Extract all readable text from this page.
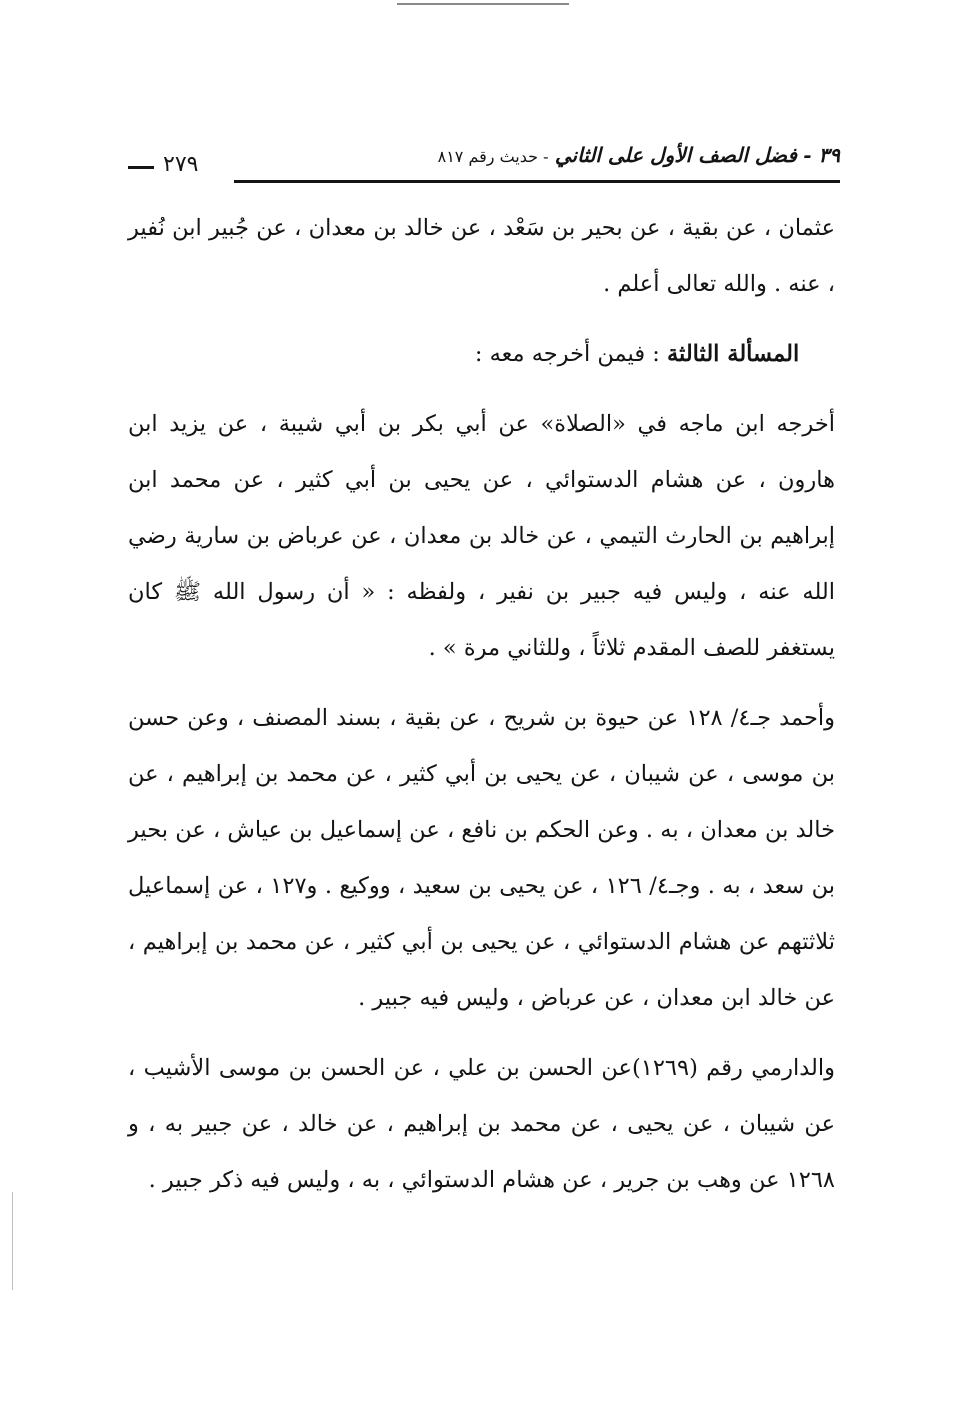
٢٧٩	٣٩ - فضل الصف الأول على الثاني - حديث رقم ٨١٧

عثمان ، عن بقية ، عن بحير بن سَعْد ، عن خالد بن معدان ، عن جُبير ابن نُفير ، عنه . والله تعالى أعلم .

المسألة الثالثة : فيمن أخرجه معه :

أخرجه ابن ماجه في «الصلاة» عن أبي بكر بن أبي شيبة ، عن يزيد ابن هارون ، عن هشام الدستوائي ، عن يحيى بن أبي كثير ، عن محمد ابن إبراهيم بن الحارث التيمي ، عن خالد بن معدان ، عن عرباض بن سارية رضي الله عنه ، وليس فيه جبير بن نفير ، ولفظه : « أن رسول الله ﷺ كان يستغفر للصف المقدم ثلاثاً ، وللثاني مرة » .

وأحمد جـ٤/ ١٢٨ عن حيوة بن شريح ، عن بقية ، بسند المصنف ، وعن حسن بن موسى ، عن شيبان ، عن يحيى بن أبي كثير ، عن محمد بن إبراهيم ، عن خالد بن معدان ، به . وعن الحكم بن نافع ، عن إسماعيل بن عياش ، عن بحير بن سعد ، به . وجـ٤/ ١٢٦ ، عن يحيى بن سعيد ، ووكيع . و١٢٧ ، عن إسماعيل ثلاثتهم عن هشام الدستوائي ، عن يحيى بن أبي كثير ، عن محمد بن إبراهيم ، عن خالد ابن معدان ، عن عرباض ، وليس فيه جبير .

والدارمي رقم (١٢٦٩)عن الحسن بن علي ، عن الحسن بن موسى الأشيب ، عن شيبان ، عن يحيى ، عن محمد بن إبراهيم ، عن خالد ، عن جبير به ، و ١٢٦٨ عن وهب بن جرير ، عن هشام الدستوائي ، به ، وليس فيه ذكر جبير .
